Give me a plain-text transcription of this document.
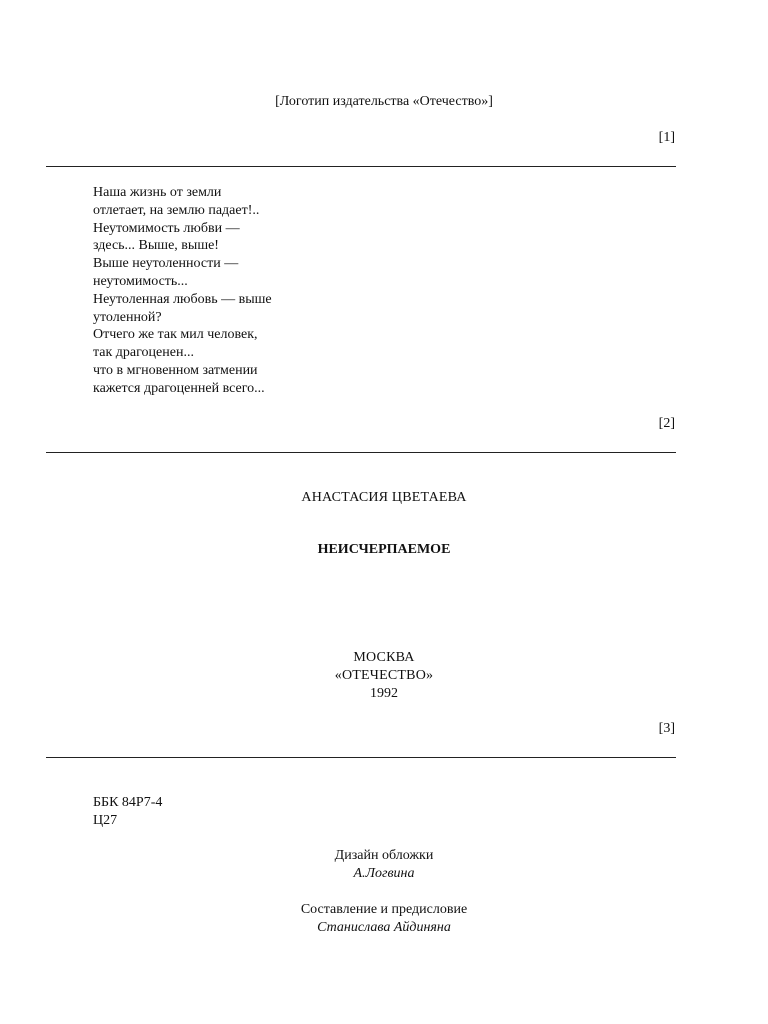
[Логотип издательства «Отечество»]
[1]
Наша жизнь от земли
отлетает, на землю падает!..
Неутомимость любви —
здесь... Выше, выше!
Выше неутоленности —
неутомимость...
Неутоленная любовь — выше
утоленной?
Отчего же так мил человек,
так драгоценен...
что в мгновенном затмении
кажется драгоценней всего...
[2]
АНАСТАСИЯ ЦВЕТАЕВА
НЕИСЧЕРПАЕМОЕ
МОСКВА
«ОТЕЧЕСТВО»
1992
[3]
ББК 84Р7-4
Ц27
Дизайн обложки
А.Логвина
Составление и предисловие
Станислава Айдиняна
